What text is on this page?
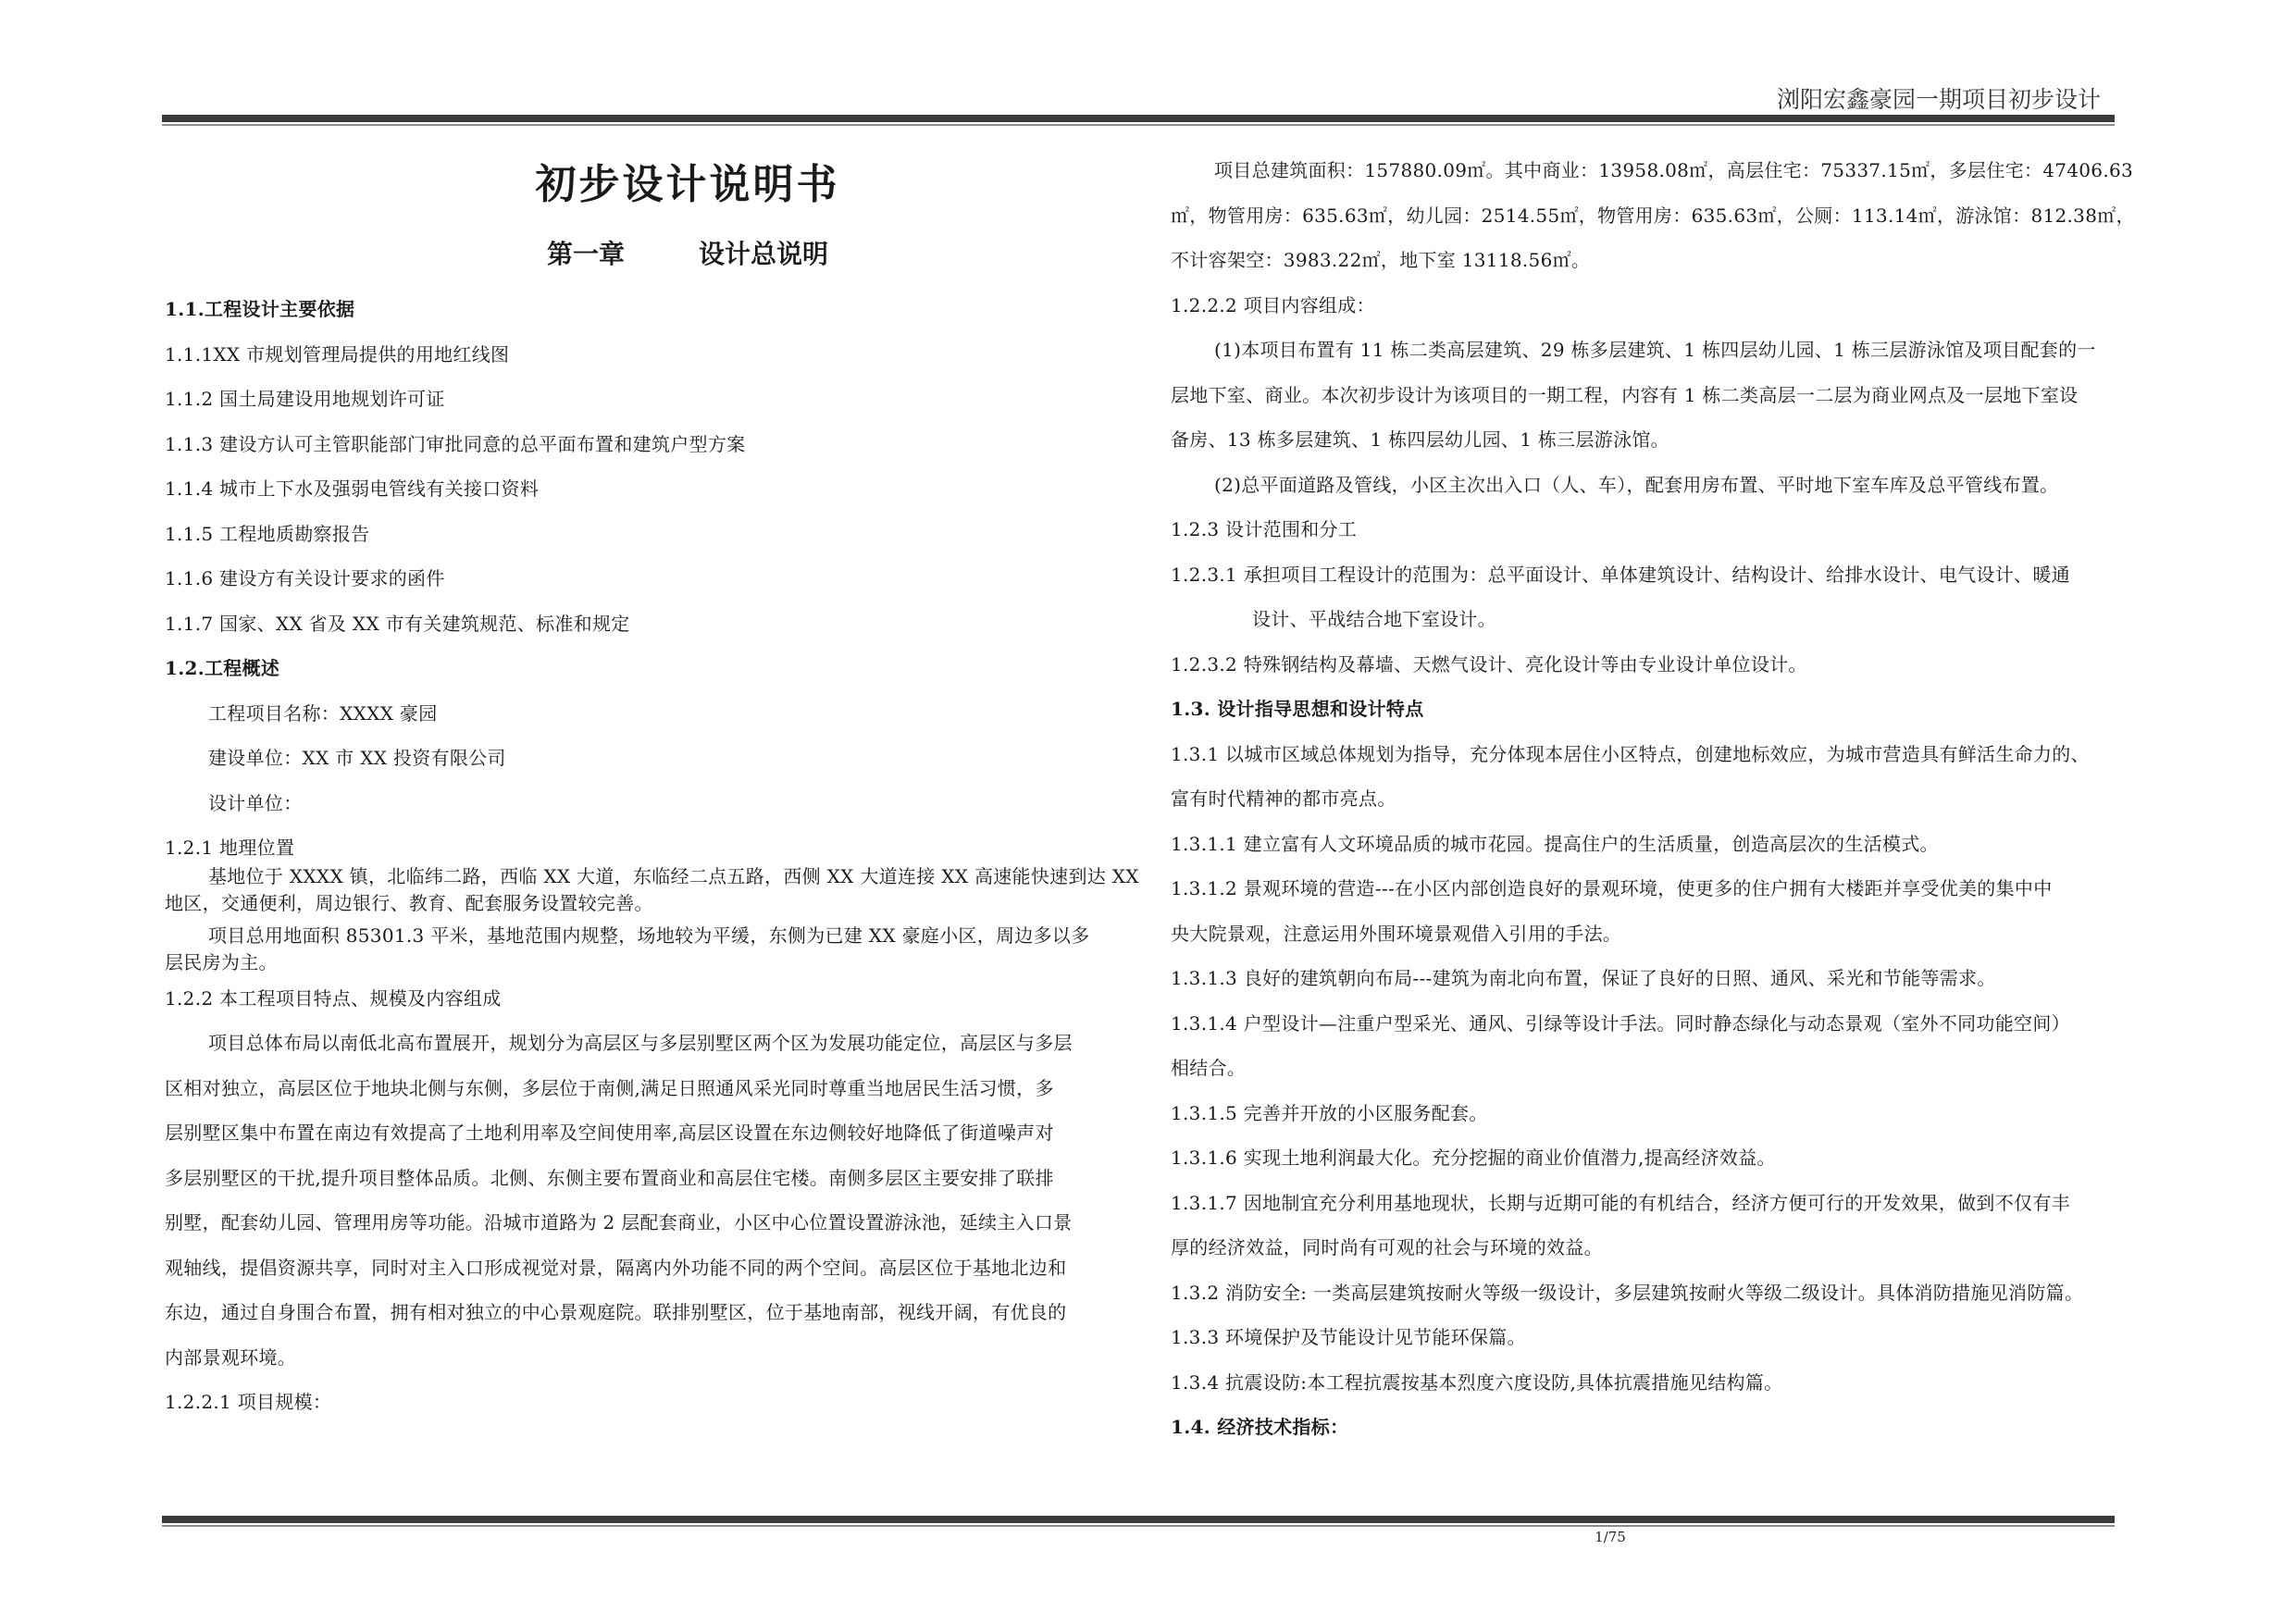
浏阳宏鑫豪园一期项目初步设计

初步设计说明书

第一章	设计总说明

1.1.工程设计主要依据

1.1.1XX 市规划管理局提供的用地红线图

1.1.2 国土局建设用地规划许可证

1.1.3 建设方认可主管职能部门审批同意的总平面布置和建筑户型方案

1.1.4 城市上下水及强弱电管线有关接口资料

1.1.5 工程地质勘察报告

1.1.6 建设方有关设计要求的函件

1.1.7 国家、XX 省及 XX 市有关建筑规范、标准和规定

1.2.工程概述

工程项目名称：XXXX 豪园

建设单位：XX 市 XX 投资有限公司

设计单位：

1.2.1 地理位置

基地位于 XXXX 镇，北临纬二路，西临 XX 大道，东临经二点五路，西侧 XX 大道连接 XX 高速能快速到达 XX

地区，交通便利，周边银行、教育、配套服务设置较完善。

项目总用地面积 85301.3 平米，基地范围内规整，场地较为平缓，东侧为已建 XX 豪庭小区，周边多以多

层民房为主。

1.2.2 本工程项目特点、规模及内容组成

项目总体布局以南低北高布置展开，规划分为高层区与多层别墅区两个区为发展功能定位，高层区与多层

区相对独立，高层区位于地块北侧与东侧，多层位于南侧,满足日照通风采光同时尊重当地居民生活习惯，多

层别墅区集中布置在南边有效提高了土地利用率及空间使用率,高层区设置在东边侧较好地降低了街道噪声对

多层别墅区的干扰,提升项目整体品质。北侧、东侧主要布置商业和高层住宅楼。南侧多层区主要安排了联排

别墅，配套幼儿园、管理用房等功能。沿城市道路为 2 层配套商业，小区中心位置设置游泳池，延续主入口景

观轴线，提倡资源共享，同时对主入口形成视觉对景，隔离内外功能不同的两个空间。高层区位于基地北边和

东边，通过自身围合布置，拥有相对独立的中心景观庭院。联排别墅区，位于基地南部，视线开阔，有优良的

内部景观环境。

1.2.2.1 项目规模：

项目总建筑面积：157880.09㎡。其中商业：13958.08㎡，高层住宅：75337.15㎡，多层住宅：47406.63

㎡，物管用房：635.63㎡，幼儿园：2514.55㎡，物管用房：635.63㎡，公厕：113.14㎡，游泳馆：812.38㎡，

不计容架空：3983.22㎡，地下室 13118.56㎡。

1.2.2.2 项目内容组成：

(1)本项目布置有 11 栋二类高层建筑、29 栋多层建筑、1 栋四层幼儿园、1 栋三层游泳馆及项目配套的一

层地下室、商业。本次初步设计为该项目的一期工程，内容有 1 栋二类高层一二层为商业网点及一层地下室设

备房、13 栋多层建筑、1 栋四层幼儿园、1 栋三层游泳馆。

(2)总平面道路及管线，小区主次出入口（人、车），配套用房布置、平时地下室车库及总平管线布置。

1.2.3 设计范围和分工

1.2.3.1 承担项目工程设计的范围为：总平面设计、单体建筑设计、结构设计、给排水设计、电气设计、暖通

设计、平战结合地下室设计。

1.2.3.2 特殊钢结构及幕墙、天燃气设计、亮化设计等由专业设计单位设计。

1.3. 设计指导思想和设计特点

1.3.1 以城市区域总体规划为指导，充分体现本居住小区特点，创建地标效应，为城市营造具有鲜活生命力的、

富有时代精神的都市亮点。

1.3.1.1 建立富有人文环境品质的城市花园。提高住户的生活质量，创造高层次的生活模式。

1.3.1.2 景观环境的营造---在小区内部创造良好的景观环境，使更多的住户拥有大楼距并享受优美的集中中

央大院景观，注意运用外围环境景观借入引用的手法。

1.3.1.3 良好的建筑朝向布局---建筑为南北向布置，保证了良好的日照、通风、采光和节能等需求。

1.3.1.4 户型设计—注重户型采光、通风、引绿等设计手法。同时静态绿化与动态景观（室外不同功能空间）

相结合。

1.3.1.5 完善并开放的小区服务配套。

1.3.1.6 实现土地利润最大化。充分挖掘的商业价值潜力,提高经济效益。

1.3.1.7 因地制宜充分利用基地现状，长期与近期可能的有机结合，经济方便可行的开发效果，做到不仅有丰

厚的经济效益，同时尚有可观的社会与环境的效益。

1.3.2 消防安全: 一类高层建筑按耐火等级一级设计，多层建筑按耐火等级二级设计。具体消防措施见消防篇。

1.3.3 环境保护及节能设计见节能环保篇。

1.3.4 抗震设防:本工程抗震按基本烈度六度设防,具体抗震措施见结构篇。

1.4. 经济技术指标：

1/75
